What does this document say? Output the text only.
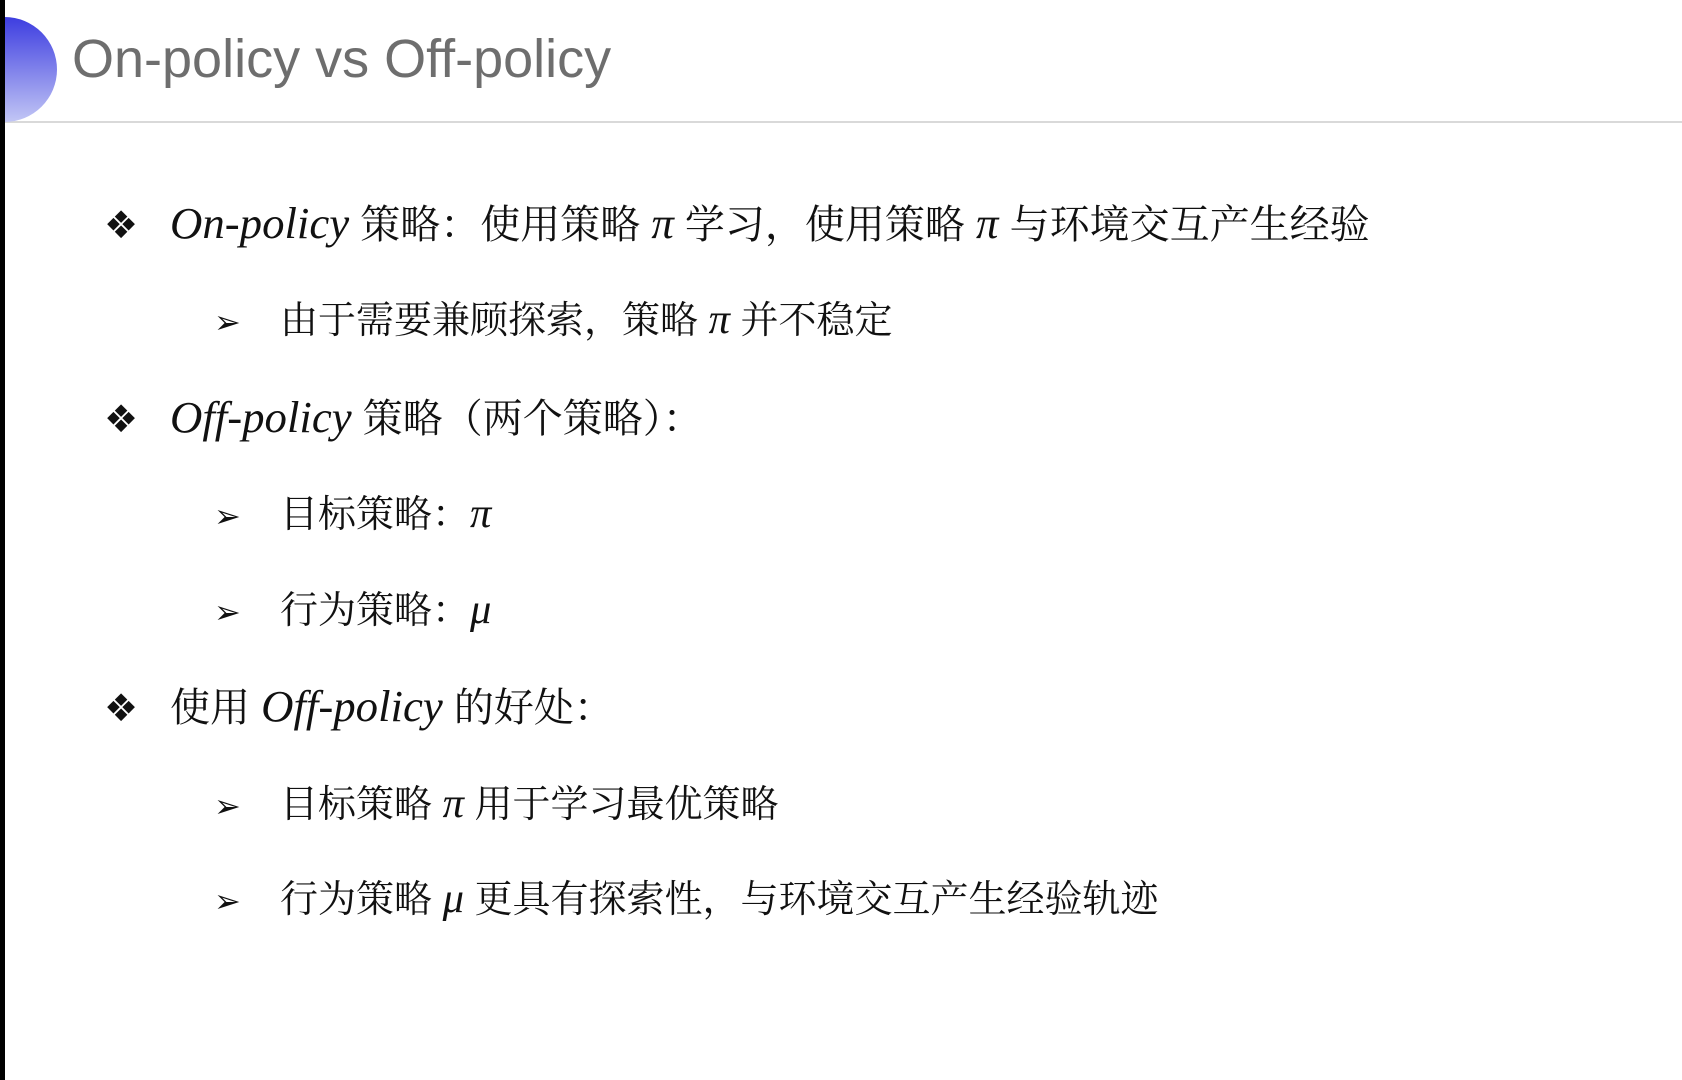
On-policy vs Off-policy
❖ On-policy 策略：使用策略 π 学习，使用策略 π 与环境交互产生经验
➢	由于需要兼顾探索，策略 π 并不稳定
❖ Off-policy 策略（两个策略）：
➢	目标策略：π
➢	行为策略：μ
❖ 使用 Off-policy 的好处：
➢	目标策略 π 用于学习最优策略
➢	行为策略 μ 更具有探索性，与环境交互产生经验轨迹
